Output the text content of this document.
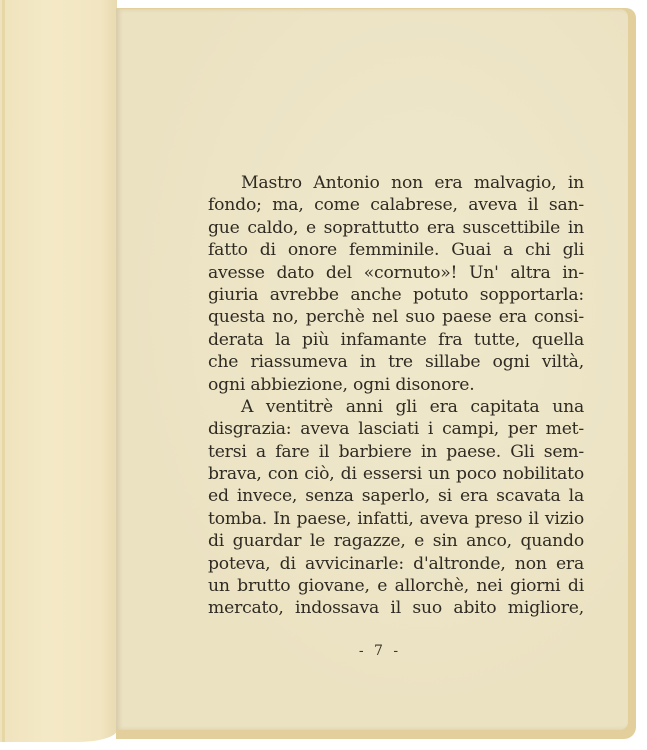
Mastro Antonio non era malvagio, in
fondo; ma, come calabrese, aveva il san-
gue caldo, e soprattutto era suscettibile in
fatto di onore femminile. Guai a chi gli
avesse dato del «cornuto»! Un' altra in-
giuria avrebbe anche potuto sopportarla:
questa no, perchè nel suo paese era consi-
derata la più infamante fra tutte, quella
che riassumeva in tre sillabe ogni viltà,
ogni abbiezione, ogni disonore.
A ventitrè anni gli era capitata una
disgrazia: aveva lasciati i campi, per met-
tersi a fare il barbiere in paese. Gli sem-
brava, con ciò, di essersi un poco nobilitato
ed invece, senza saperlo, si era scavata la
tomba. In paese, infatti, aveva preso il vizio
di guardar le ragazze, e sin anco, quando
poteva, di avvicinarle: d'altronde, non era
un brutto giovane, e allorchè, nei giorni di
mercato, indossava il suo abito migliore,
- 7 -
